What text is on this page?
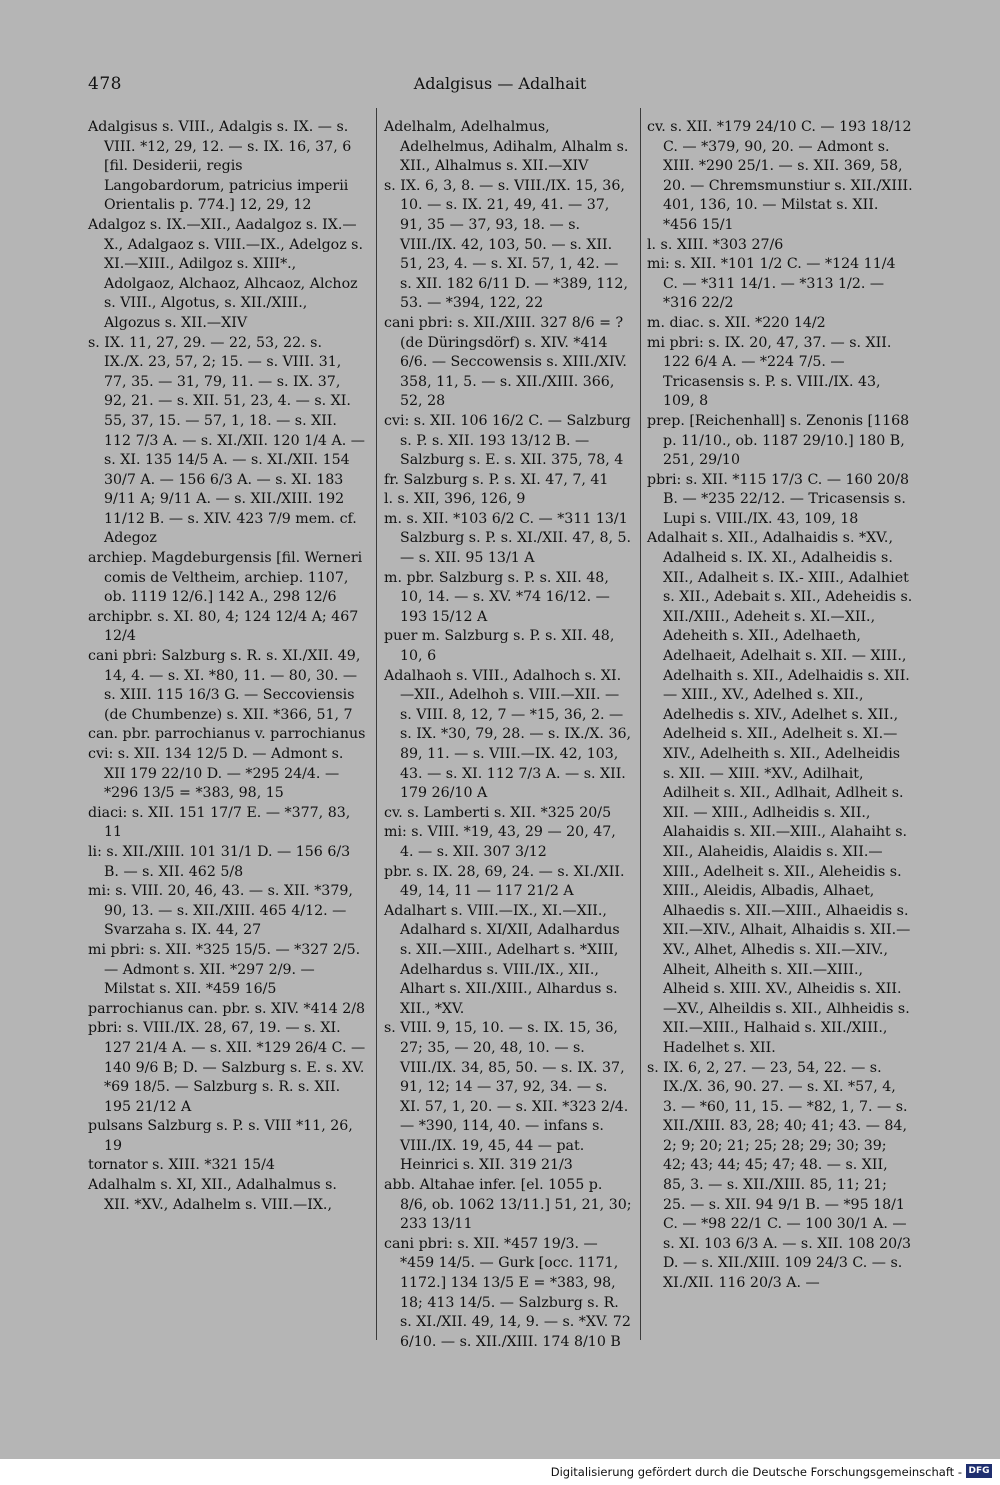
478	Adalgisus — Adalhait

Adalgisus s. VIII., Adalgis s. IX. — s. VIII. *12, 29, 12. — s. IX. 16, 37, 6 [fil. Desiderii, regis Langobardorum, patricius imperii Orientalis p. 774.] 12, 29, 12

Adalgoz s. IX.—XII., Aadalgoz s. IX.—X., Adalgaoz s. VIII.—IX., Adelgoz s. XI.—XIII., Adilgoz s. XIII*., Adolgaoz, Alchaoz, Alhcaoz, Alchoz s. VIII., Algotus, s. XII./XIII., Algozus s. XII.—XIV

s. IX. 11, 27, 29. — 22, 53, 22. s. IX./X. 23, 57, 2; 15. — s. VIII. 31, 77, 35. — 31, 79, 11. — s. IX. 37, 92, 21. — s. XII. 51, 23, 4. — s. XI. 55, 37, 15. — 57, 1, 18. — s. XII. 112 7/3 A. — s. XI./XII. 120 1/4 A. — s. XI. 135 14/5 A. — s. XI./XII. 154 30/7 A. — 156 6/3 A. — s. XI. 183 9/11 A; 9/11 A. — s. XII./XIII. 192 11/12 B. — s. XIV. 423 7/9 mem. cf. Adegoz

archiep. Magdeburgensis [fil. Werneri comis de Veltheim, archiep. 1107, ob. 1119 12/6.] 142 A., 298 12/6

archipbr. s. XI. 80, 4; 124 12/4 A; 467 12/4

cani pbri: Salzburg s. R. s. XI./XII. 49, 14, 4. — s. XI. *80, 11. — 80, 30. — s. XIII. 115 16/3 G. — Seccoviensis (de Chumbenze) s. XII. *366, 51, 7

can. pbr. parrochianus v. parrochianus

cvi: s. XII. 134 12/5 D. — Admont s. XII 179 22/10 D. — *295 24/4. — *296 13/5 = *383, 98, 15

diaci: s. XII. 151 17/7 E. — *377, 83, 11

li: s. XII./XIII. 101 31/1 D. — 156 6/3 B. — s. XII. 462 5/8

mi: s. VIII. 20, 46, 43. — s. XII. *379, 90, 13. — s. XII./XIII. 465 4/12. — Svarzaha s. IX. 44, 27

mi pbri: s. XII. *325 15/5. — *327 2/5. — Admont s. XII. *297 2/9. — Milstat s. XII. *459 16/5

parrochianus can. pbr. s. XIV. *414 2/8

pbri: s. VIII./IX. 28, 67, 19. — s. XI. 127 21/4 A. — s. XII. *129 26/4 C. — 140 9/6 B; D. — Salzburg s. E. s. XV. *69 18/5. — Salzburg s. R. s. XII. 195 21/12 A

pulsans Salzburg s. P. s. VIII *11, 26, 19

tornator s. XIII. *321 15/4

Adalhalm s. XI, XII., Adalhalmus s. XII. *XV., Adalhelm s. VIII.—IX.,

Adelhalm, Adelhalmus, Adelhelmus, Adihalm, Alhalm s. XII., Alhalmus s. XII.—XIV

s. IX. 6, 3, 8. — s. VIII./IX. 15, 36, 10. — s. IX. 21, 49, 41. — 37, 91, 35 — 37, 93, 18. — s. VIII./IX. 42, 103, 50. — s. XII. 51, 23, 4. — s. XI. 57, 1, 42. — s. XII. 182 6/11 D. — *389, 112, 53. — *394, 122, 22

cani pbri: s. XII./XIII. 327 8/6 = ? (de Düringsdörf) s. XIV. *414 6/6. — Seccowensis s. XIII./XIV. 358, 11, 5. — s. XII./XIII. 366, 52, 28

cvi: s. XII. 106 16/2 C. — Salzburg s. P. s. XII. 193 13/12 B. — Salzburg s. E. s. XII. 375, 78, 4

fr. Salzburg s. P. s. XI. 47, 7, 41

l. s. XII, 396, 126, 9

m. s. XII. *103 6/2 C. — *311 13/1 Salzburg s. P. s. XI./XII. 47, 8, 5. — s. XII. 95 13/1 A

m. pbr. Salzburg s. P. s. XII. 48, 10, 14. — s. XV. *74 16/12. — 193 15/12 A

puer m. Salzburg s. P. s. XII. 48, 10, 6

Adalhaoh s. VIII., Adalhoch s. XI. —XII., Adelhoh s. VIII.—XII. — s. VIII. 8, 12, 7 — *15, 36, 2. — s. IX. *30, 79, 28. — s. IX./X. 36, 89, 11. — s. VIII.—IX. 42, 103, 43. — s. XI. 112 7/3 A. — s. XII. 179 26/10 A

cv. s. Lamberti s. XII. *325 20/5

mi: s. VIII. *19, 43, 29 — 20, 47, 4. — s. XII. 307 3/12

pbr. s. IX. 28, 69, 24. — s. XI./XII. 49, 14, 11 — 117 21/2 A

Adalhart s. VIII.—IX., XI.—XII., Adalhard s. XI/XII, Adalhardus s. XII.—XIII., Adelhart s. *XIII, Adelhardus s. VIII./IX., XII., Alhart s. XII./XIII., Alhardus s. XII., *XV.

s. VIII. 9, 15, 10. — s. IX. 15, 36, 27; 35, — 20, 48, 10. — s. VIII./IX. 34, 85, 50. — s. IX. 37, 91, 12; 14 — 37, 92, 34. — s. XI. 57, 1, 20. — s. XII. *323 2/4. — *390, 114, 40. — infans s. VIII./IX. 19, 45, 44 — pat. Heinrici s. XII. 319 21/3

abb. Altahae infer. [el. 1055 p. 8/6, ob. 1062 13/11.] 51, 21, 30; 233 13/11

cani pbri: s. XII. *457 19/3. — *459 14/5. — Gurk [occ. 1171, 1172.] 134 13/5 E = *383, 98, 18; 413 14/5. — Salzburg s. R. s. XI./XII. 49, 14, 9. — s. *XV. 72 6/10. — s. XII./XIII. 174 8/10 B

cv. s. XII. *179 24/10 C. — 193 18/12 C. — *379, 90, 20. — Admont s. XIII. *290 25/1. — s. XII. 369, 58, 20. — Chremsmunstiur s. XII./XIII. 401, 136, 10. — Milstat s. XII. *456 15/1

l. s. XIII. *303 27/6

mi: s. XII. *101 1/2 C. — *124 11/4 C. — *311 14/1. — *313 1/2. — *316 22/2

m. diac. s. XII. *220 14/2

mi pbri: s. IX. 20, 47, 37. — s. XII. 122 6/4 A. — *224 7/5. — Tricasensis s. P. s. VIII./IX. 43, 109, 8

prep. [Reichenhall] s. Zenonis [1168 p. 11/10., ob. 1187 29/10.] 180 B, 251, 29/10

pbri: s. XII. *115 17/3 C. — 160 20/8 B. — *235 22/12. — Tricasensis s. Lupi s. VIII./IX. 43, 109, 18

Adalhait s. XII., Adalhaidis s. *XV., Adalheid s. IX. XI., Adalheidis s. XII., Adalheit s. IX.- XIII., Adalhiet s. XII., Adebait s. XII., Adeheidis s. XII./XIII., Adeheit s. XI.—XII., Adeheith s. XII., Adelhaeth, Adelhaeit, Adelhait s. XII. — XIII., Adelhaith s. XII., Adelhaidis s. XII. — XIII., XV., Adelhed s. XII., Adelhedis s. XIV., Adelhet s. XII., Adelheid s. XII., Adelheit s. XI.—XIV., Adelheith s. XII., Adelheidis s. XII. — XIII. *XV., Adilhait, Adilheit s. XII., Adlhait, Adlheit s. XII. — XIII., Adlheidis s. XII., Alahaidis s. XII.—XIII., Alahaiht s. XII., Alaheidis, Alaidis s. XII.—XIII., Adelheit s. XII., Aleheidis s. XIII., Aleidis, Albadis, Alhaet, Alhaedis s. XII.—XIII., Alhaeidis s. XII.—XIV., Alhait, Alhaidis s. XII.—XV., Alhet, Alhedis s. XII.—XIV., Alheit, Alheith s. XII.—XIII., Alheid s. XIII. XV., Alheidis s. XII.—XV., Alheildis s. XII., Alhheidis s. XII.—XIII., Halhaid s. XII./XIII., Hadelhet s. XII.

s. IX. 6, 2, 27. — 23, 54, 22. — s. IX./X. 36, 90. 27. — s. XI. *57, 4, 3. — *60, 11, 15. — *82, 1, 7. — s. XII./XIII. 83, 28; 40; 41; 43. — 84, 2; 9; 20; 21; 25; 28; 29; 30; 39; 42; 43; 44; 45; 47; 48. — s. XII, 85, 3. — s. XII./XIII. 85, 11; 21; 25. — s. XII. 94 9/1 B. — *95 18/1 C. — *98 22/1 C. — 100 30/1 A. — s. XI. 103 6/3 A. — s. XII. 108 20/3 D. — s. XII./XIII. 109 24/3 C. — s. XI./XII. 116 20/3 A. —

Digitalisierung gefördert durch die Deutsche Forschungsgemeinschaft - DFG
